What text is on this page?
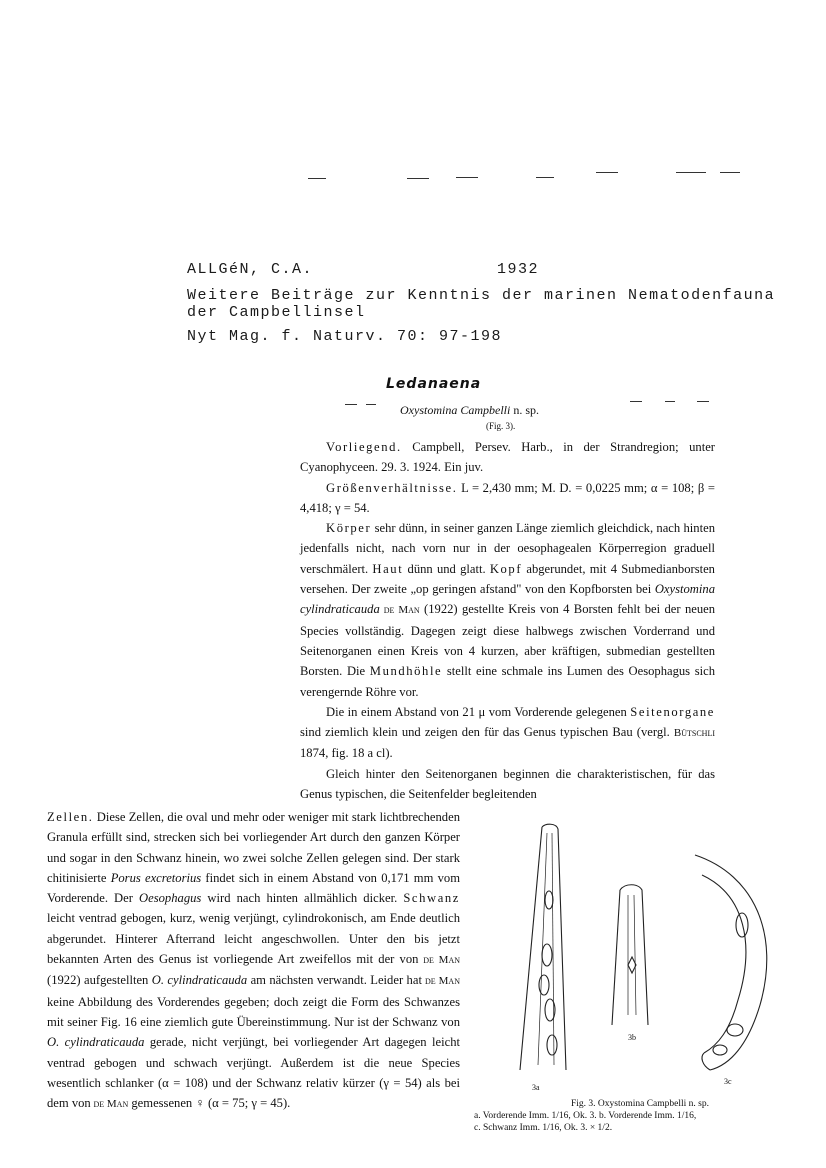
ALLGéN, C.A.	1932
Weitere Beiträge zur Kenntnis der marinen Nematodenfauna
der Campbellinsel
Nyt Mag. f. Naturv. 70: 97-198
Ledanaena
Oxystomina Campbelli n. sp.
(Fig. 3).

Vorliegend. Campbell, Persev. Harb., in der Strandregion; unter Cyanophyceen. 29. 3. 1924. Ein juv.

Größenverhältnisse. L = 2,430 mm; M. D. = 0,0225 mm; α = 108; β = 4,418; γ = 54.

Körper sehr dünn, in seiner ganzen Länge ziemlich gleichdick, nach hinten jedenfalls nicht, nach vorn nur in der oesophagealen Körperregion graduell verschmälert. Haut dünn und glatt. Kopf abgerundet, mit 4 Submedianborsten versehen. Der zweite „op geringen afstand" von den Kopfborsten bei Oxystomina cylindraticauda de Man (1922) gestellte Kreis von 4 Borsten fehlt bei der neuen Species vollständig. Dagegen zeigt diese halbwegs zwischen Vorderrand und Seitenorganen einen Kreis von 4 kurzen, aber kräftigen, submedian gestellten Borsten. Die Mundhöhle stellt eine schmale ins Lumen des Oesophagus sich verengernde Röhre vor.

Die in einem Abstand von 21 μ vom Vorderende gelegenen Seitenorgane sind ziemlich klein und zeigen den für das Genus typischen Bau (vergl. Bütschli 1874, fig. 18 a cl).

Gleich hinter den Seitenorganen beginnen die charakteristischen, für das Genus typischen, die Seitenfelder begleitenden

Zellen. Diese Zellen, die oval und mehr oder weniger mit stark lichtbrechenden Granula erfüllt sind, strecken sich bei vorliegender Art durch den ganzen Körper und sogar in den Schwanz hinein, wo zwei solche Zellen gelegen sind. Der stark chitinisierte Porus excretorius findet sich in einem Abstand von 0,171 mm vom Vorderende. Der Oesophagus wird nach hinten allmählich dicker. Schwanz leicht ventrad gebogen, kurz, wenig verjüngt, cylindrokonisch, am Ende deutlich abgerundet. Hinterer Afterrand leicht angeschwollen. Unter den bis jetzt bekannten Arten des Genus ist vorliegende Art zweifellos mit der von de Man (1922) aufgestellten O. cylindraticauda am nächsten verwandt. Leider hat de Man keine Abbildung des Vorderendes gegeben; doch zeigt die Form des Schwanzes mit seiner Fig. 16 eine ziemlich gute Übereinstimmung. Nur ist der Schwanz von O. cylindraticauda gerade, nicht verjüngt, bei vorliegender Art dagegen leicht ventrad gebogen und schwach verjüngt. Außerdem ist die neue Species wesentlich schlanker (α = 108) und der Schwanz relativ kürzer (γ = 54) als bei dem von de Man gemessenen ♀ (α = 75; γ = 45).

3a
3b
3c
Fig. 3. Oxystomina Campbelli n. sp.
a. Vorderende Imm. 1/16, Ok. 3. b. Vorderende Imm. 1/16,
c. Schwanz Imm. 1/16, Ok. 3. × 1/2.
